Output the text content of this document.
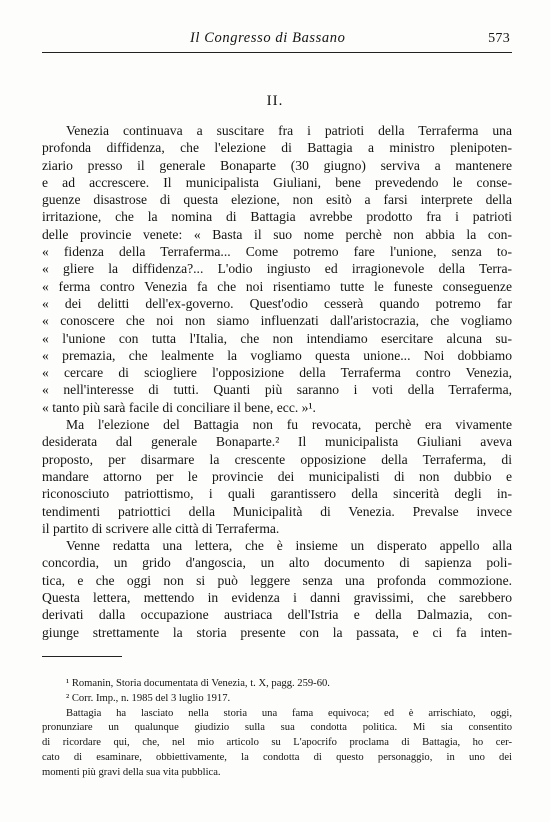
Il Congresso di Bassano	573
II.
Venezia continuava a suscitare fra i patrioti della Terraferma una
profonda diffidenza, che l'elezione di Battagia a ministro plenipoten-
ziario presso il generale Bonaparte (30 giugno) serviva a mantenere
e ad accrescere. Il municipalista Giuliani, bene prevedendo le conse-
guenze disastrose di questa elezione, non esitò a farsi interprete della
irritazione, che la nomina di Battagia avrebbe prodotto fra i patrioti
delle provincie venete: « Basta il suo nome perchè non abbia la con-
« fidenza della Terraferma... Come potremo fare l'unione, senza to-
« gliere la diffidenza?... L'odio ingiusto ed irragionevole della Terra-
« ferma contro Venezia fa che noi risentiamo tutte le funeste conseguenze
« dei delitti dell'ex-governo. Quest'odio cesserà quando potremo far
« conoscere che noi non siamo influenzati dall'aristocrazia, che vogliamo
« l'unione con tutta l'Italia, che non intendiamo esercitare alcuna su-
« premazia, che lealmente la vogliamo questa unione... Noi dobbiamo
« cercare di sciogliere l'opposizione della Terraferma contro Venezia,
« nell'interesse di tutti. Quanti più saranno i voti della Terraferma,
« tanto più sarà facile di conciliare il bene, ecc. »¹.
Ma l'elezione del Battagia non fu revocata, perchè era vivamente
desiderata dal generale Bonaparte.² Il municipalista Giuliani aveva
proposto, per disarmare la crescente opposizione della Terraferma, di
mandare attorno per le provincie dei municipalisti di non dubbio e
riconosciuto patriottismo, i quali garantissero della sincerità degli in-
tendimenti patriottici della Municipalità di Venezia. Prevalse invece
il partito di scrivere alle città di Terraferma.
Venne redatta una lettera, che è insieme un disperato appello alla
concordia, un grido d'angoscia, un alto documento di sapienza poli-
tica, e che oggi non si può leggere senza una profonda commozione.
Questa lettera, mettendo in evidenza i danni gravissimi, che sarebbero
derivati dalla occupazione austriaca dell'Istria e della Dalmazia, con-
giunge strettamente la storia presente con la passata, e ci fa inten-
¹ Romanin, Storia documentata di Venezia, t. X, pagg. 259-60.
² Corr. Imp., n. 1985 del 3 luglio 1917.
Battagia ha lasciato nella storia una fama equivoca; ed è arrischiato, oggi,
pronunziare un qualunque giudizio sulla sua condotta politica. Mi sia consentito
di ricordare qui, che, nel mio articolo su L'apocrifo proclama di Battagia, ho cer-
cato di esaminare, obbiettivamente, la condotta di questo personaggio, in uno dei
momenti più gravi della sua vita pubblica.
